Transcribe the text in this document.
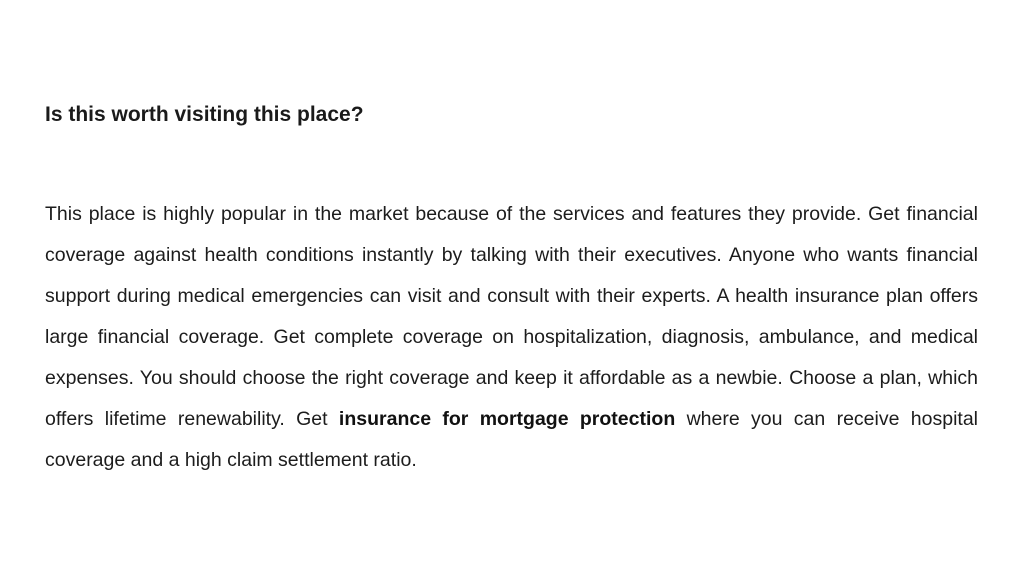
Is this worth visiting this place?

This place is highly popular in the market because of the services and features they provide. Get financial coverage against health conditions instantly by talking with their executives. Anyone who wants financial support during medical emergencies can visit and consult with their experts. A health insurance plan offers large financial coverage. Get complete coverage on hospitalization, diagnosis, ambulance, and medical expenses. You should choose the right coverage and keep it affordable as a newbie. Choose a plan, which offers lifetime renewability. Get insurance for mortgage protection where you can receive hospital coverage and a high claim settlement ratio.
